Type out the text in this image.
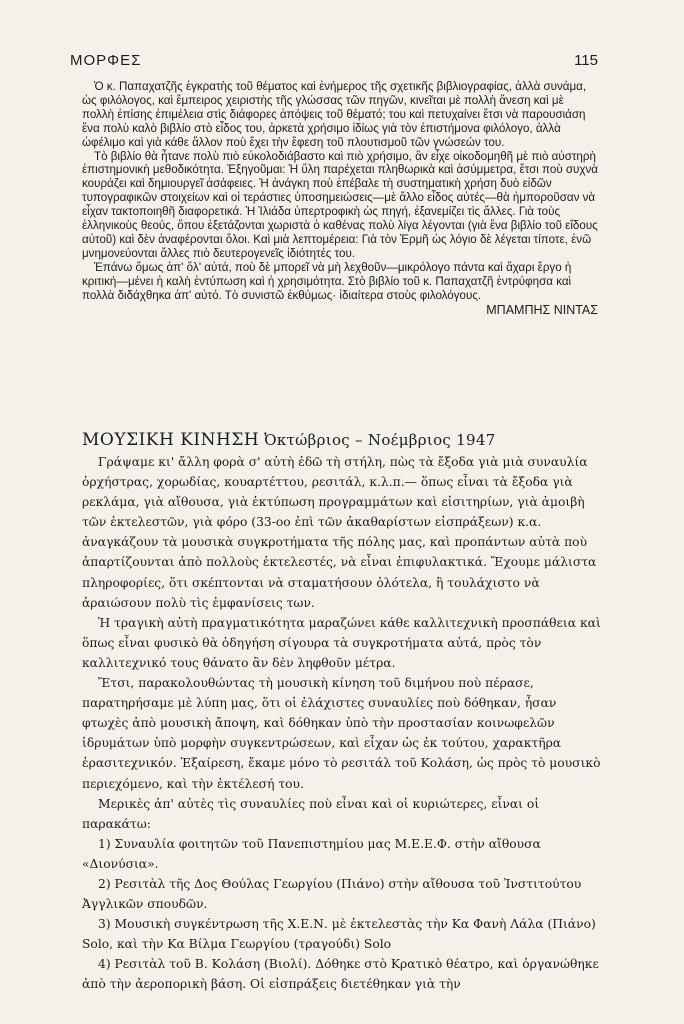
ΜΟΡΦΕΣ	115

Ὁ κ. Παπαχατζῆς ἐγκρατὴς τοῦ θέματος καὶ ἐνήμερος τῆς σχετικῆς βιβλιογραφίας, ἀλλὰ συνάμα, ὡς φιλόλογος, καὶ ἔμπειρος χειριστὴς τῆς γλώσσας τῶν πηγῶν, κινεῖται μὲ πολλὴ ἄνεση καὶ μὲ πολλὴ ἐπίσης ἐπιμέλεια στὶς διάφορες ἀπόψεις τοῦ θέματό; του καὶ πετυχαίνει ἔτσι νὰ παρουσιάση ἕνα πολὺ καλὸ βιβλίο στὸ εἶδος του, ἀρκετὰ χρήσιμο ἰδίως γιὰ τὸν ἐπιστήμονα φιλόλογο, ἀλλὰ ὠφέλιμο καὶ γιὰ κάθε ἄλλον ποὺ ἔχει τὴν ἔφεση τοῦ πλουτισμοῦ τῶν γνώσεών του.

Τὸ βιβλίο θὰ ἦτανε πολὺ πιὸ εὐκολοδιάβαστο καὶ πιὸ χρήσιμο, ἂν εἶχε οἰκοδομηθῆ μὲ πιὸ αὐστηρὴ ἐπιστημονικὴ μεθοδικότητα. Ἐξηγοῦμαι: Ἡ ὕλη παρέχεται πληθωρικὰ καὶ ἀσύμμετρα, ἔτσι ποὺ συχνὰ κουράζει καὶ δημιουργεῖ ἀσάφειες. Ἡ ἀνάγκη ποὺ ἐπέβαλε τὴ συστηματικὴ χρήση δυὸ εἰδῶν τυπογραφικῶν στοιχείων καὶ οἱ τεράστιες ὑποσημειώσεις—μὲ ἄλλο εἶδος αὐτές—θὰ ἠμποροῦσαν νὰ εἶχαν τακτοποιηθῆ διαφορετικά. Ἡ Ἰλιάδα ὑπερτροφικὴ ὡς πηγή, ἐξανεμίζει τὶς ἄλλες. Γιὰ τοὺς ἑλληνικοὺς θεούς, ὅπου ἐξετάζονται χωριστὰ ὁ καθένας πολὺ λίγα λέγονται (γιὰ ἕνα βιβλίο τοῦ εἴδους αὐτοῦ) καὶ δὲν ἀναφέρονται ὅλοι. Καὶ μιὰ λεπτομέρεια: Γιὰ τὸν Ἑρμῆ ὡς λόγιο δὲ λέγεται τίποτε, ἐνῶ μνημονεύονται ἄλλες πιὸ δευτερογενεῖς ἰδιότητές του.

Ἐπάνω ὅμως ἀπ' ὅλ' αὐτά, ποὺ δὲ μπορεῖ νὰ μὴ λεχθοῦν—μικρόλογο πάντα καὶ ἄχαρι ἔργο ἡ κριτική—μένει ἡ καλὴ ἐντύπωση καὶ ἡ χρησιμότητα. Στὸ βιβλίο τοῦ κ. Παπαχατζῆ ἐντρύφησα καὶ πολλὰ διδάχθηκα ἀπ' αὐτό. Τὸ συνιστῶ ἐκθύμως· ἰδιαίτερα στοὺς φιλολόγους.

ΜΠΑΜΠΗΣ ΝΙΝΤΑΣ
ΜΟΥΣΙΚΗ ΚΙΝΗΣΗ Ὀκτώβριος – Νοέμβριος 1947

Γράψαμε κι' ἄλλη φορὰ σ' αὐτὴ ἐδῶ τὴ στήλη, πὼς τὰ ἔξοδα γιὰ μιὰ συναυλία ὀρχήστρας, χορωδίας, κουαρτέττου, ρεσιτάλ, κ.λ.π.— ὅπως εἶναι τὰ ἔξοδα γιὰ ρεκλάμα, γιὰ αἴθουσα, γιὰ ἐκτύπωση προγραμμάτων καὶ εἰσιτηρίων, γιὰ ἀμοιβὴ τῶν ἐκτελεστῶν, γιὰ φόρο (33-οο ἐπὶ τῶν ἀκαθαρίστων εἰσπράξεων) κ.α. ἀναγκάζουν τὰ μουσικὰ συγκροτήματα τῆς πόλης μας, καὶ προπάντων αὐτὰ ποὺ ἀπαρτίζουνται ἀπὸ πολλοὺς ἐκτελεστές, νὰ εἶναι ἐπιφυλακτικά. Ἔχουμε μάλιστα πληροφορίες, ὅτι σκέπτονται νὰ σταματήσουν ὁλότελα, ἢ τουλάχιστο νὰ ἀραιώσουν πολὺ τὶς ἐμφανίσεις των.

Ἡ τραγικὴ αὐτὴ πραγματικότητα μαραζώνει κάθε καλλιτεχνικὴ προσπάθεια καὶ ὅπως εἶναι φυσικὸ θὰ ὁδηγήση σίγουρα τὰ συγκροτήματα αὐτά, πρὸς τὸν καλλιτεχνικό τους θάνατο ἂν δὲν ληφθοῦν μέτρα.

Ἔτσι, παρακολουθώντας τὴ μουσικὴ κίνηση τοῦ διμήνου ποὺ πέρασε, παρατηρήσαμε μὲ λύπη μας, ὅτι οἱ ἐλάχιστες συναυλίες ποὺ δόθηκαν, ἦσαν φτωχὲς ἀπὸ μουσικὴ ἄποψη, καὶ δόθηκαν ὑπὸ τὴν προστασίαν κοινωφελῶν ἱδρυμάτων ὑπὸ μορφὴν συγκεντρώσεων, καὶ εἶχαν ὡς ἐκ τούτου, χαρακτῆρα ἐρασιτεχνικόν. Ἐξαίρεση, ἔκαμε μόνο τὸ ρεσιτάλ τοῦ Κολάση, ὡς πρὸς τὸ μουσικὸ περιεχόμενο, καὶ τὴν ἐκτέλεσή του.

Μερικὲς ἀπ' αὐτὲς τὶς συναυλίες ποὺ εἶναι καὶ οἱ κυριώτερες, εἶναι οἱ παρακάτω:

1) Συναυλία φοιτητῶν τοῦ Πανεπιστημίου μας Μ.Ε.Ε.Φ. στὴν αἴθουσα «Διονύσια».
2) Ρεσιτὰλ τῆς Δος Θούλας Γεωργίου (Πιάνο) στὴν αἴθουσα τοῦ Ἰνστιτούτου Ἀγγλικῶν σπουδῶν.
3) Μουσικὴ συγκέντρωση τῆς Χ.Ε.Ν. μὲ ἐκτελεστὰς τὴν Κα Φανὴ Λάλα (Πιάνο) Solo, καὶ τὴν Κα Βίλμα Γεωργίου (τραγούδι) Solo
4) Ρεσιτὰλ τοῦ Β. Κολάση (Βιολί). Δόθηκε στὸ Κρατικὸ θέατρο, καὶ ὀργανώθηκε ἀπὸ τὴν ἀεροπορικὴ βάση. Οἱ εἰσπράξεις διετέθηκαν γιὰ τὴν
